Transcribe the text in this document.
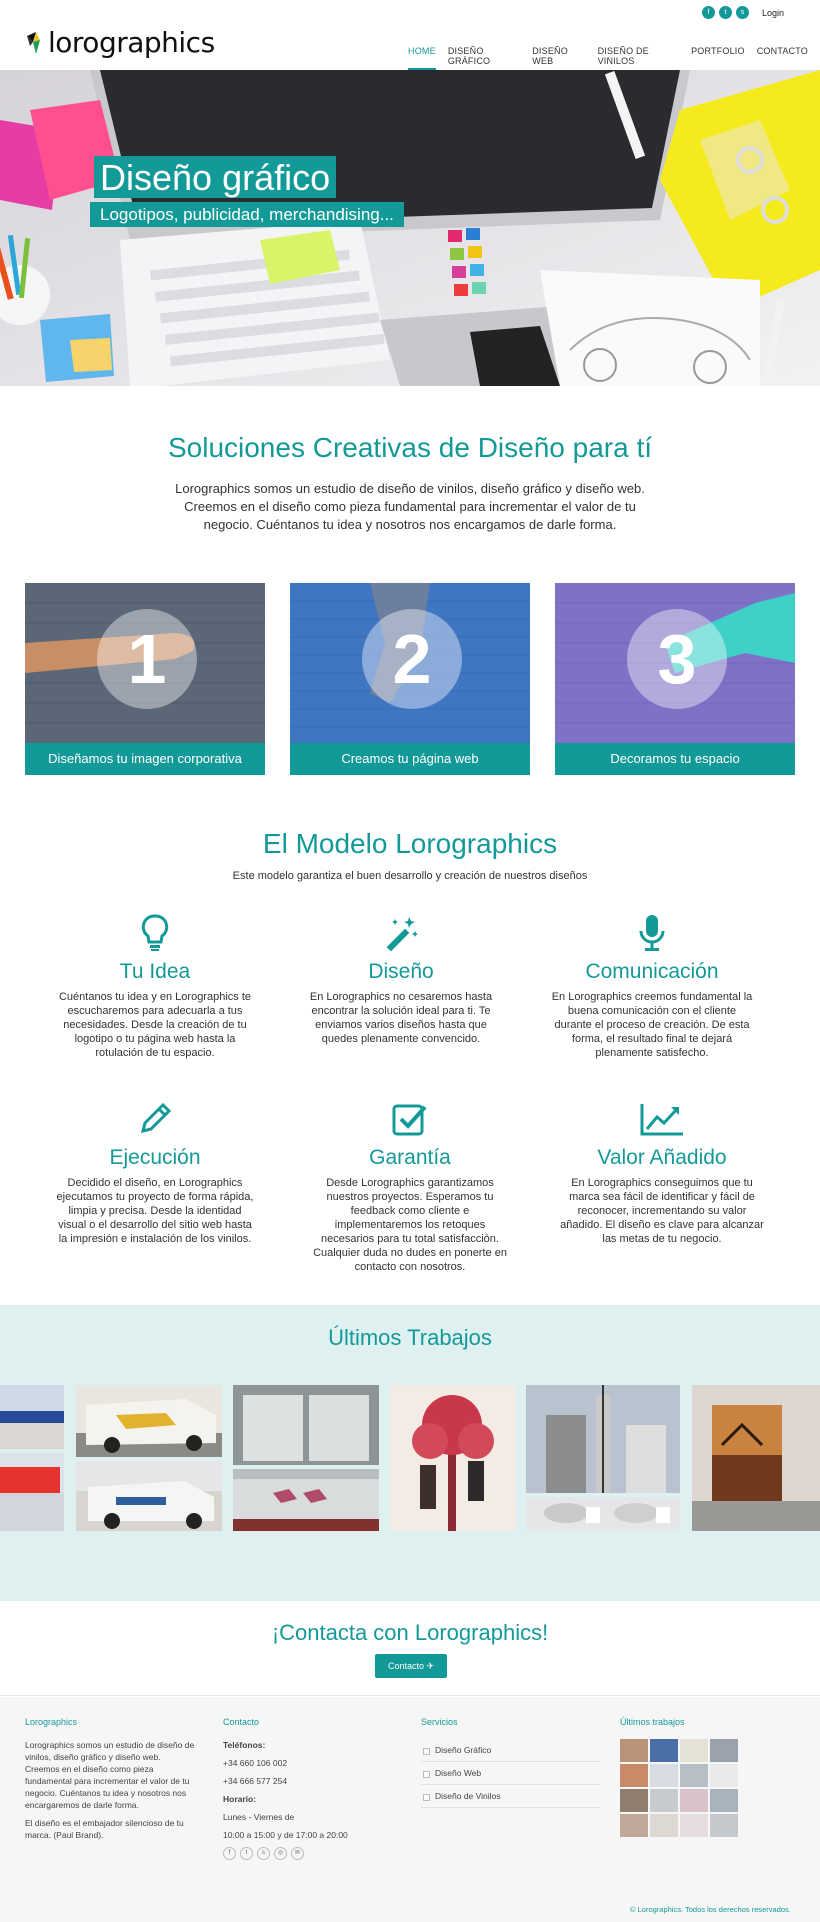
f	t	s	Login
lorographics	HOME DISEÑO GRÁFICO
DISEÑO WEB
DISEÑO DE VINILOS
PORTFOLIO CONTACTO
Diseño gráfico
Logotipos, publicidad, merchandising...
Soluciones Creativas de Diseño para tí

Lorographics somos un estudio de diseño de vinilos, diseño gráfico y diseño web. Creemos en el diseño como pieza fundamental para incrementar el valor de tu negocio. Cuéntanos tu idea y nosotros nos encargamos de darle forma.

1
Diseñamos tu imagen corporativa
2
Creamos tu página web
3
Decoramos tu espacio
El Modelo Lorographics

Este modelo garantiza el buen desarrollo y creación de nuestros diseños

Tu Idea

Cuéntanos tu idea y en Lorographics te escucharemos para adecuarla a tus necesidades. Desde la creación de tu logotipo o tu página web hasta la rotulación de tu espacio.

Diseño

En Lorographics no cesaremos hasta encontrar la solución ideal para ti. Te enviamos varios diseños hasta que quedes plenamente convencido.

Comunicación

En Lorographics creemos fundamental la buena comunicación con el cliente durante el proceso de creación. De esta forma, el resultado final te dejará plenamente satisfecho.

Ejecución

Decidido el diseño, en Lorographics ejecutamos tu proyecto de forma rápida, limpia y precisa. Desde la identidad visual o el desarrollo del sitio web hasta la impresión e instalación de los vinilos.

Garantía

Desde Lorographics garantizamos nuestros proyectos. Esperamos tu feedback como cliente e implementaremos los retoques necesarios para tu total satisfacción. Cualquier duda no dudes en ponerte en contacto con nosotros.

Valor Añadido

En Lorographics conseguimos que tu marca sea fácil de identificar y fácil de reconocer, incrementando su valor añadido. El diseño es clave para alcanzar las metas de tu negocio.

Últimos Trabajos
¡Contacta con Lorographics!
Contacto ✈
Lorographics

Lorographics somos un estudio de diseño de vinilos, diseño gráfico y diseño web. Creemos en el diseño como pieza fundamental para incrementar el valor de tu negocio. Cuéntanos tu idea y nosotros nos encargaremos de darle forma.

El diseño es el embajador silencioso de tu marca. (Paul Brand).

Contacto

Teléfonos:

+34 660 106 002

+34 666 577 254

Horario:

Lunes - Viernes de

10:00 a 15:00 y de 17:00 a 20:00

f	t	s	◎	✉
Servicios
Diseño Gráfico
Diseño Web
Diseño de Vinilos
Últimos trabajos
© Lorographics. Todos los derechos reservados.
